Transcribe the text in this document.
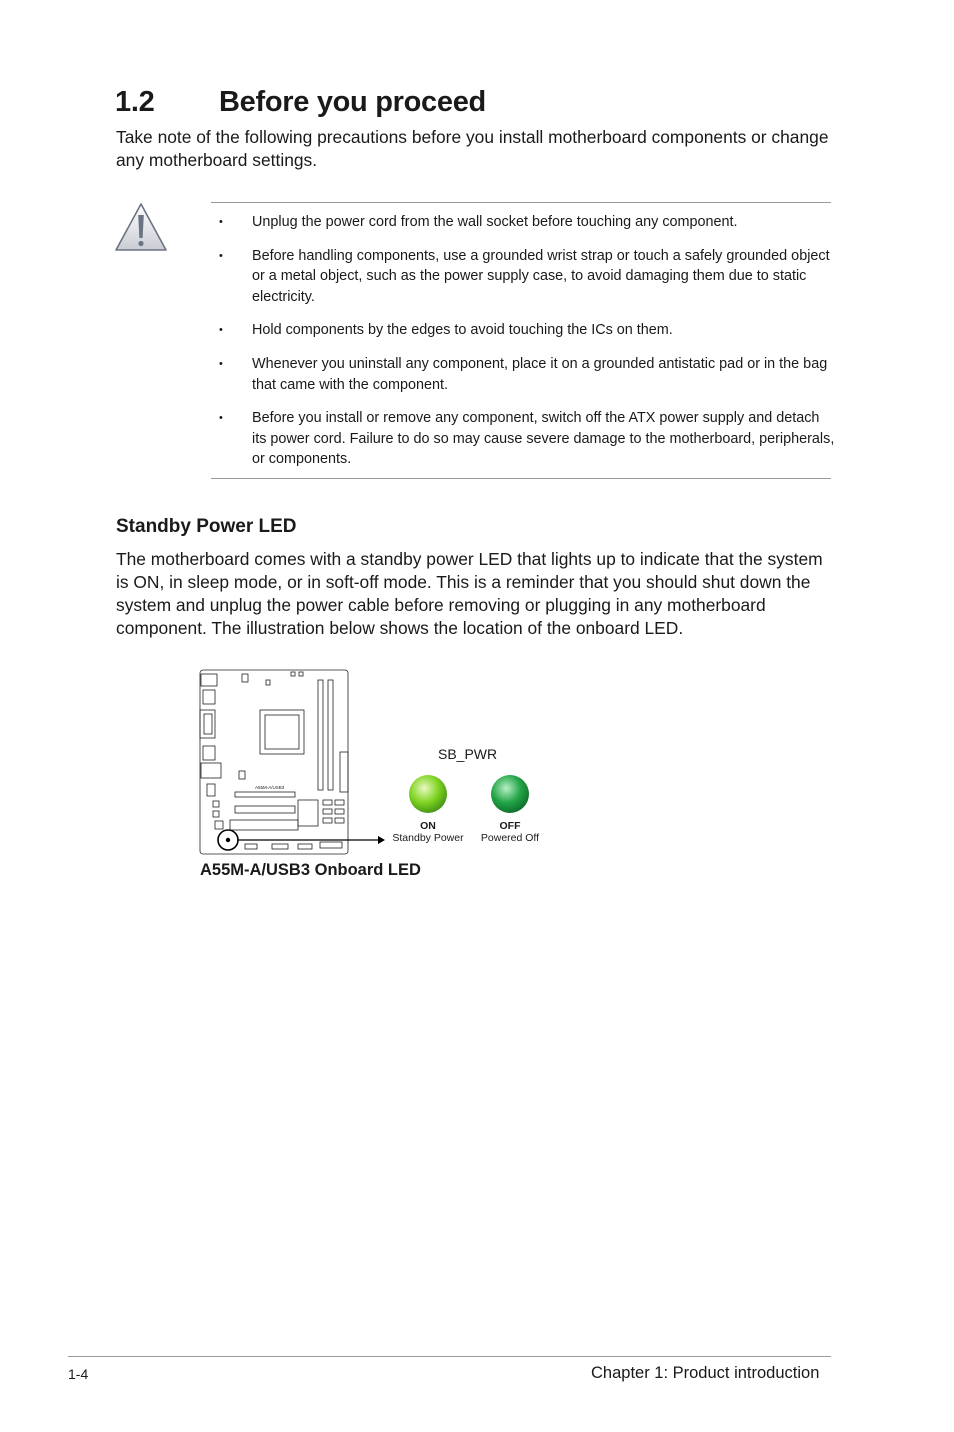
1.2 Before you proceed
Take note of the following precautions before you install motherboard components or change any motherboard settings.
• Unplug the power cord from the wall socket before touching any component.
• Before handling components, use a grounded wrist strap or touch a safely grounded object or a metal object, such as the power supply case, to avoid damaging them due to static electricity.
• Hold components by the edges to avoid touching the ICs on them.
• Whenever you uninstall any component, place it on a grounded antistatic pad or in the bag that came with the component.
• Before you install or remove any component, switch off the ATX power supply and detach its power cord. Failure to do so may cause severe damage to the motherboard, peripherals, or components.
Standby Power LED
The motherboard comes with a standby power LED that lights up to indicate that the system is ON, in sleep mode, or in soft-off mode. This is a reminder that you should shut down the system and unplug the power cable before removing or plugging in any motherboard component. The illustration below shows the location of the onboard LED.
A55M-A/USB3
SB_PWR
ON
Standby Power
OFF
Powered Off
A55M-A/USB3 Onboard LED
1-4	Chapter 1: Product introduction
